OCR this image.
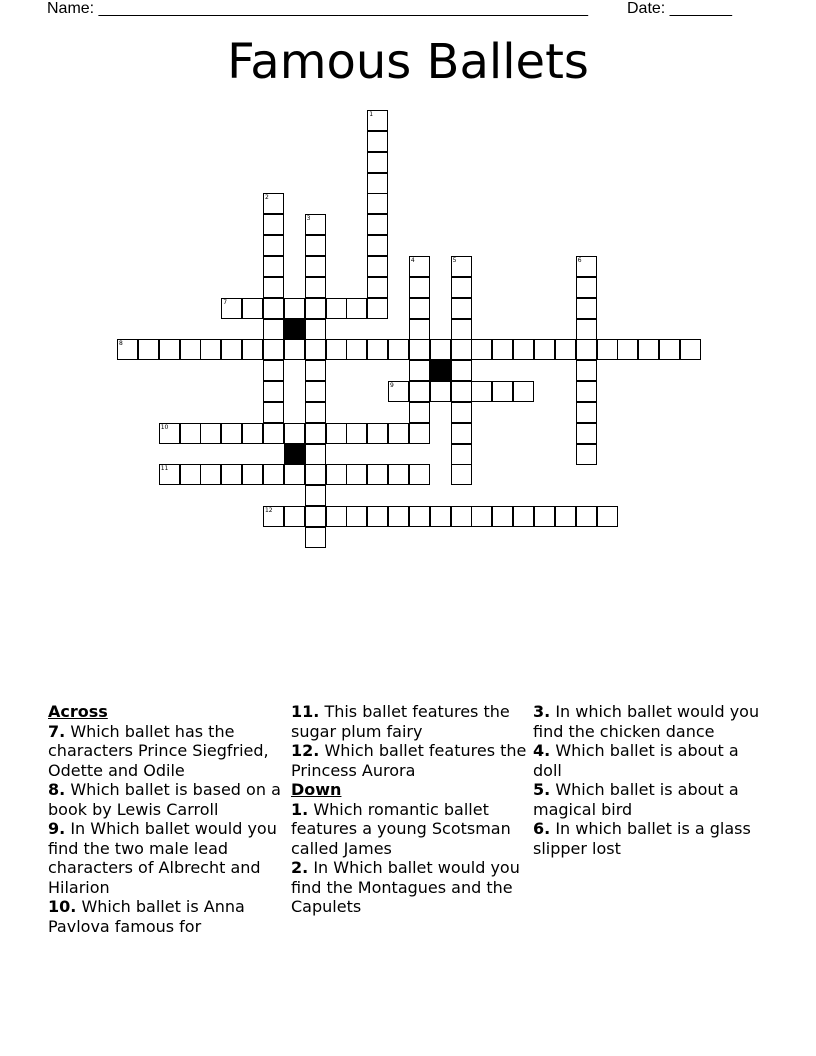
Name: _______________________________________________________ Date: _______
Famous Ballets
1
2
3
4	5	6
7
8
9
10
11
12
Across
7. Which ballet has the characters Prince Siegfried, Odette and Odile
8. Which ballet is based on a book by Lewis Carroll
9. In Which ballet would you find the two male lead characters of Albrecht and Hilarion
10. Which ballet is Anna Pavlova famous for
11. This ballet features the sugar plum fairy
12. Which ballet features the Princess Aurora
Down
1. Which romantic ballet features a young Scotsman called James
2. In Which ballet would you find the Montagues and the Capulets
3. In which ballet would you find the chicken dance
4. Which ballet is about a doll
5. Which ballet is about a magical bird
6. In which ballet is a glass slipper lost
